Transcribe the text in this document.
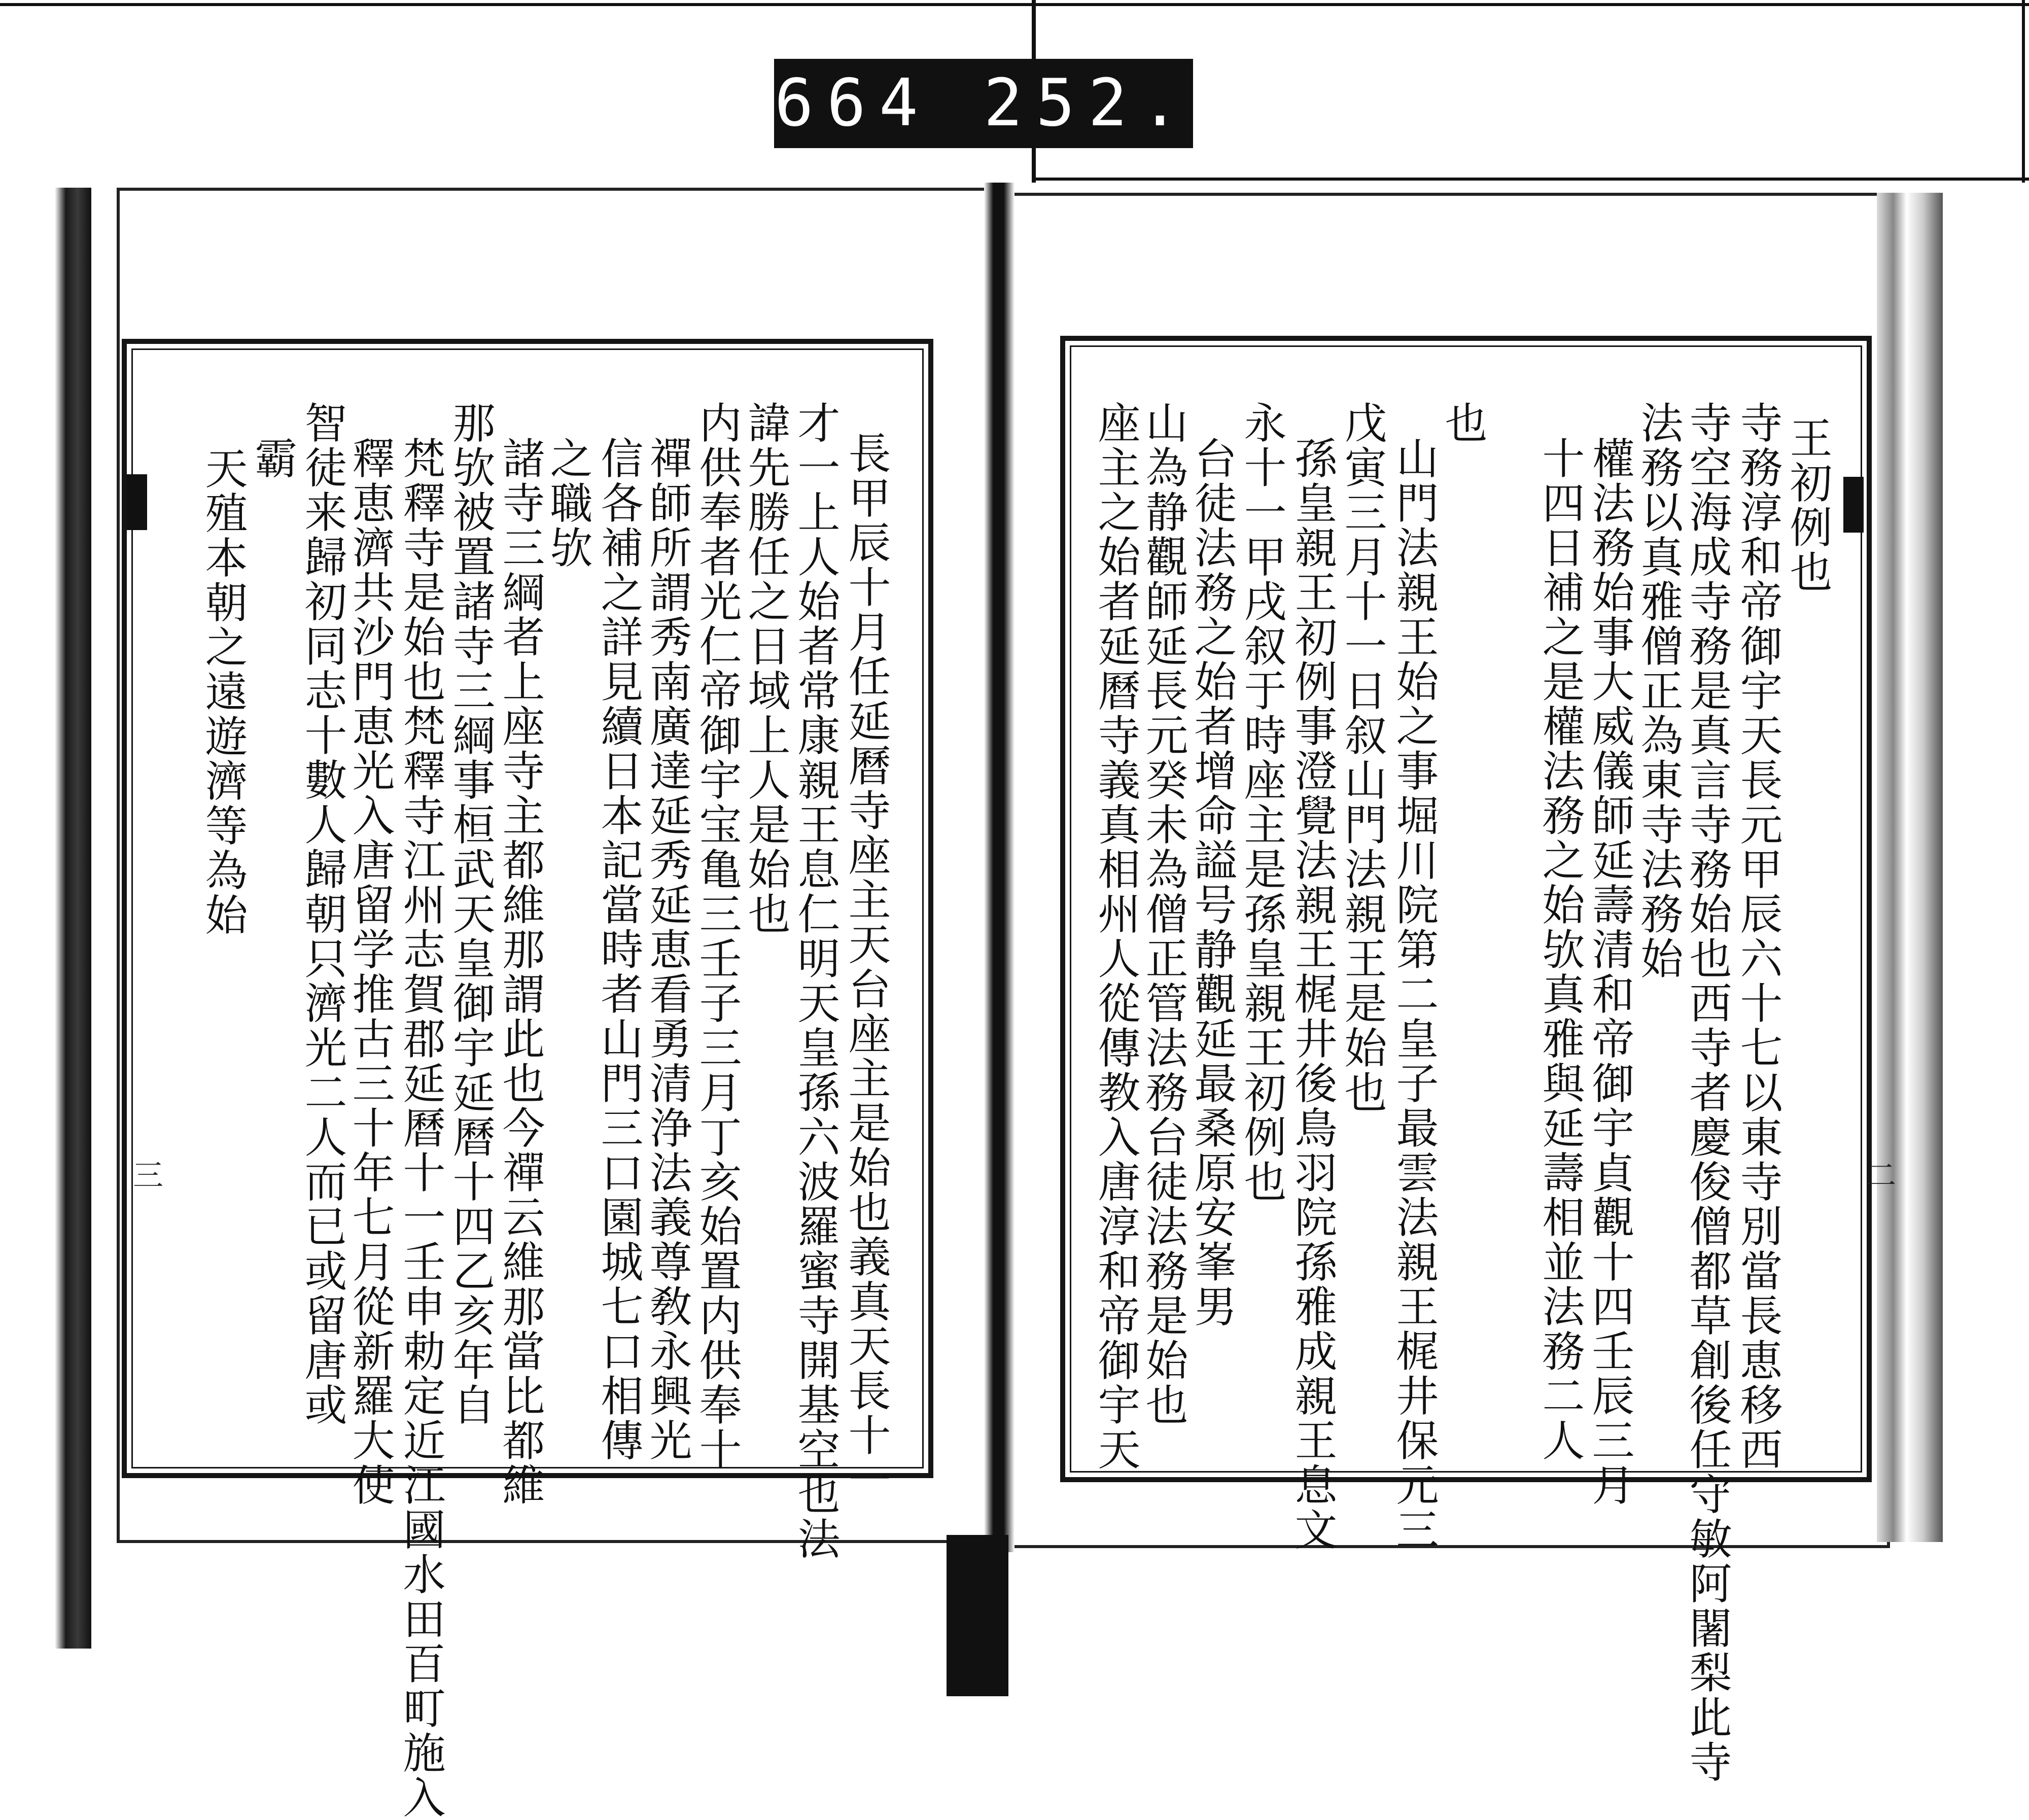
664 252.
三	二
王初例也
寺務淳和帝御宇天長元甲辰六十七以東寺別當長恵移西
寺空海成寺務是真言寺務始也西寺者慶俊僧都草創後任守敏阿闍梨此寺
法務以真雅僧正為東寺法務始
權法務始事大威儀師延壽清和帝御宇貞觀十四壬辰三月
十四日補之是權法務之始欤真雅與延壽相並法務二人
也
山門法親王始之事堀川院第二皇子最雲法親王梶井保元三
戊寅三月十一日叙山門法親王是始也
孫皇親王初例事澄覺法親王梶井後鳥羽院孫雅成親王息文
永十一甲戌叙于時座主是孫皇親王初例也
台徒法務之始者增命謚号静觀延最桑原安峯男
山為静觀師延長元癸未為僧正管法務台徒法務是始也
座主之始者延曆寺義真相州人從傳教入唐淳和帝御宇天
長甲辰十月任延曆寺座主天台座主是始也義真天長十一
才一上人始者常康親王息仁明天皇孫六波羅蜜寺開基空也法
諱先勝任之日域上人是始也
内供奉者光仁帝御宇宝亀三壬子三月丁亥始置内供奉十
禪師所謂秀南廣達延秀延恵看勇清浄法義尊敎永興光
信各補之詳見續日本記當時者山門三口園城七口相傳
之職欤
諸寺三綱者上座寺主都維那謂此也今禪云維那當比都維
那欤被置諸寺三綱事桓武天皇御宇延曆十四乙亥年自
梵釋寺是始也梵釋寺江州志賀郡延曆十一壬申勅定近江國水田百町施入
釋恵濟共沙門恵光入唐留学推古三十年七月從新羅大使
智徒来歸初同志十數人歸朝只濟光二人而已或留唐或
霸
天殖本朝之遠遊濟等為始
